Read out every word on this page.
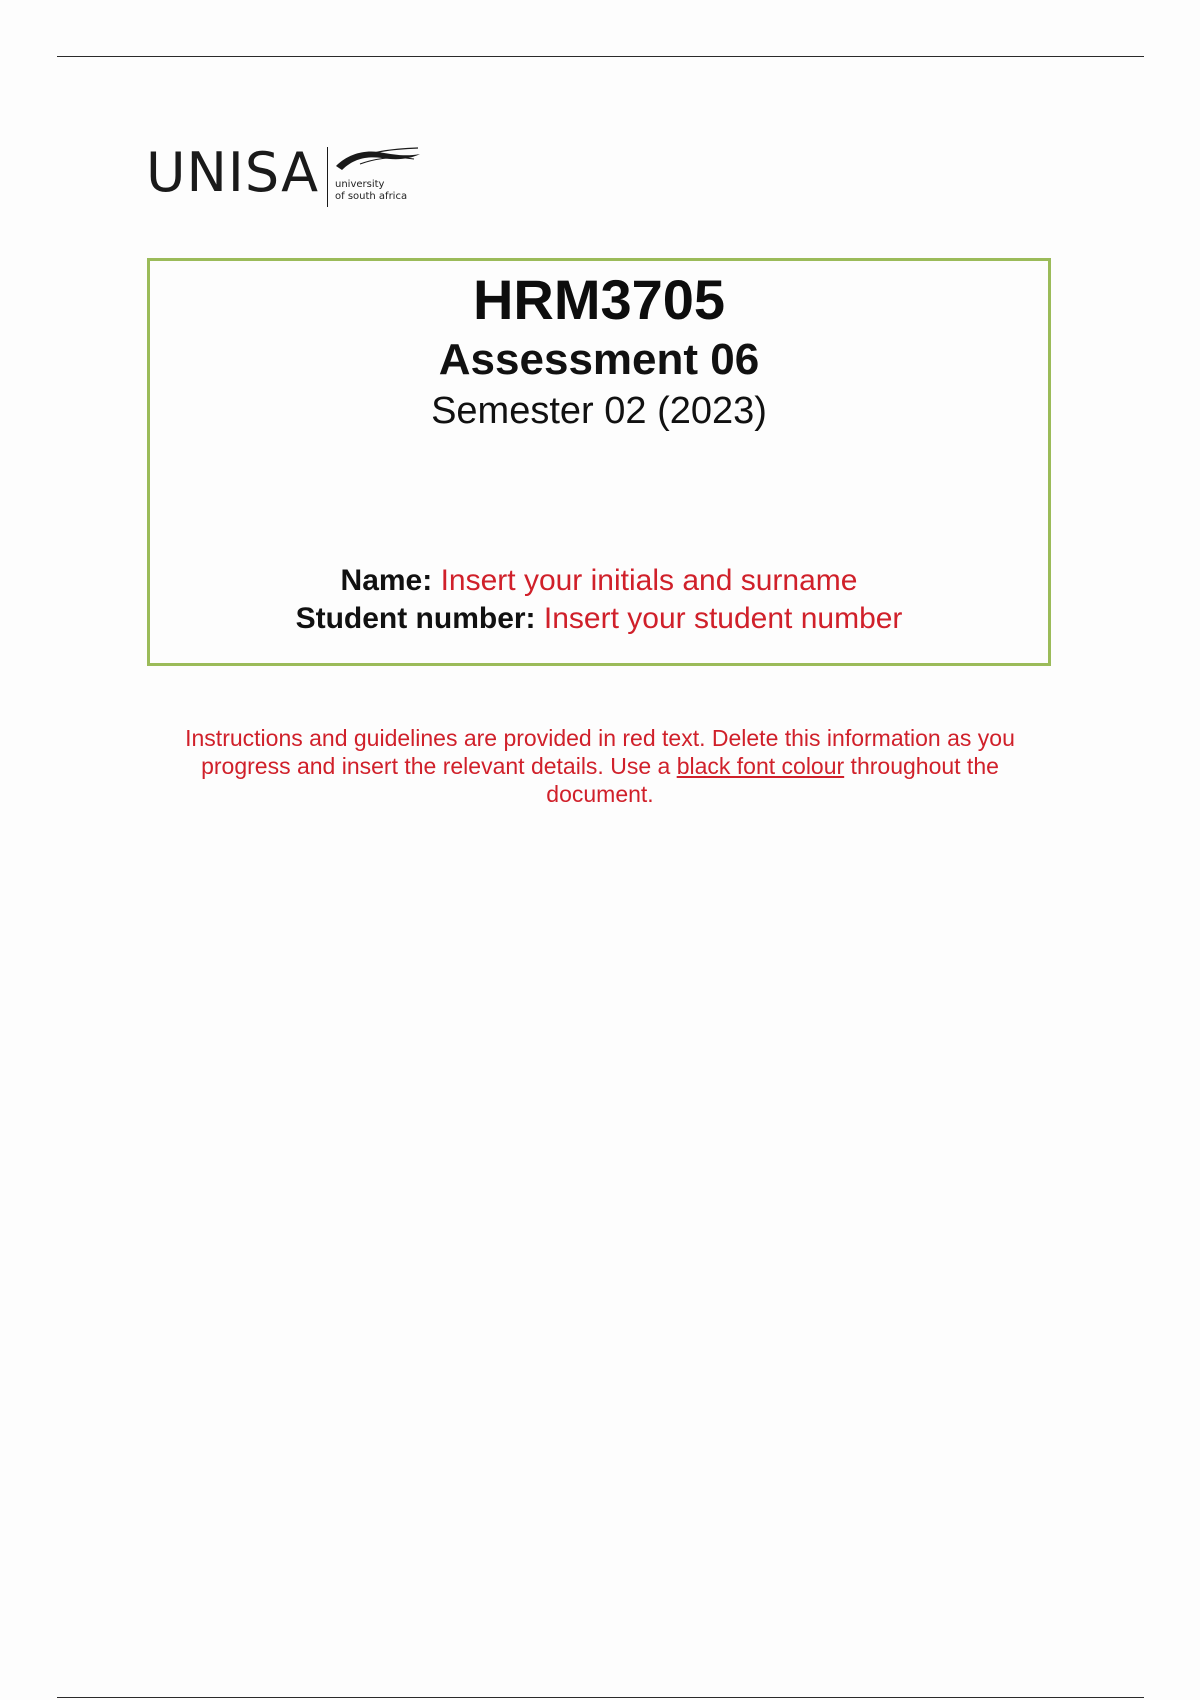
UNISA university
of south africa
HRM3705
Assessment 06
Semester 02 (2023)
Name: Insert your initials and surname
Student number: Insert your student number
Instructions and guidelines are provided in red text. Delete this information as you progress and insert the relevant details. Use a black font colour throughout the document.
